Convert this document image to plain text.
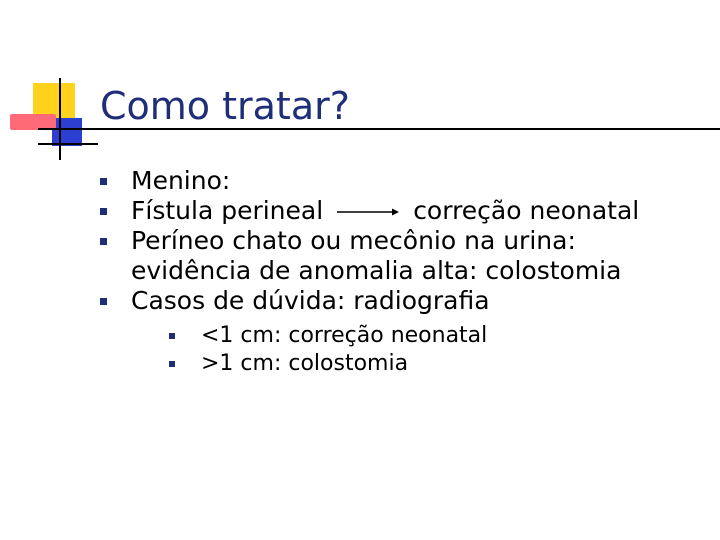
Como tratar?
Menino:
Fístula perineal	correção neonatal
Períneo chato ou mecônio na urina:
evidência de anomalia alta: colostomia
Casos de dúvida: radiografia
<1 cm: correção neonatal
>1 cm: colostomia
